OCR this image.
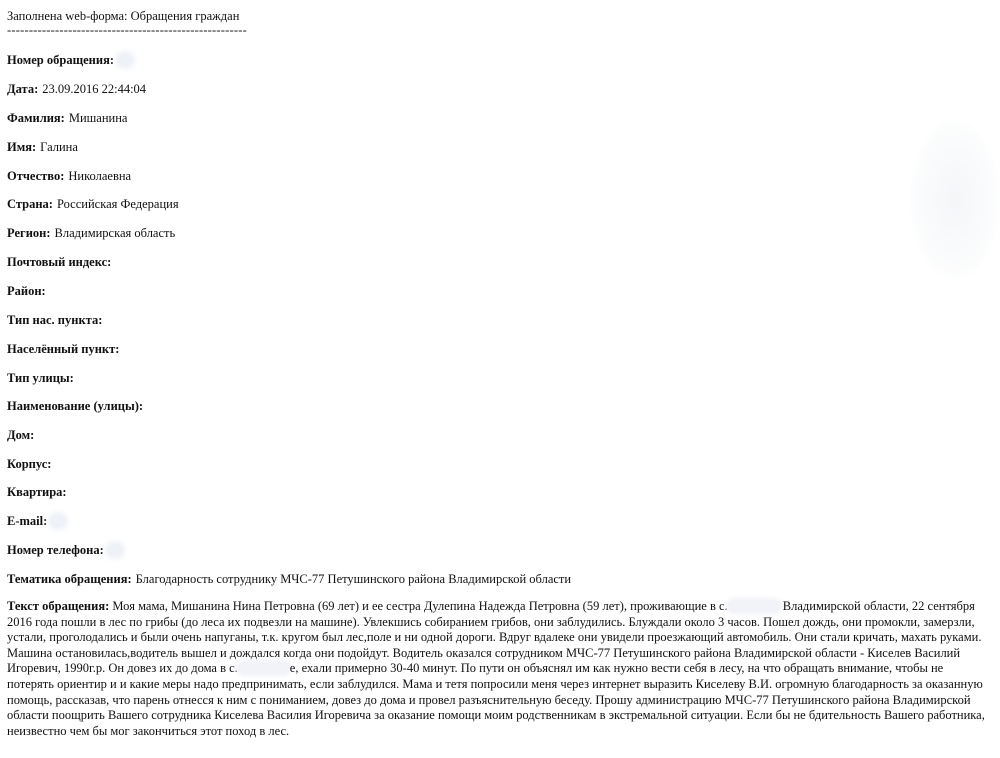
Заполнена web-форма: Обращения граждан
-------------------------------------------------------
Номер обращения:
Дата: 23.09.2016 22:44:04
Фамилия: Мишанина
Имя: Галина
Отчество: Николаевна
Страна: Российская Федерация
Регион: Владимирская область
Почтовый индекс:
Район:
Тип нас. пункта:
Населённый пункт:
Тип улицы:
Наименование (улицы):
Дом:
Корпус:
Квартира:
E-mail:
Номер телефона:
Тематика обращения: Благодарность сотруднику МЧС-77 Петушинского района Владимирской области
Текст обращения: Моя мама, Мишанина Нина Петровна (69 лет) и ее сестра Дулепина Надежда Петровна (59 лет), проживающие в с.	Владимирской области, 22 сентября 2016 года пошли в лес по грибы (до леса их подвезли на машине). Увлекшись собиранием грибов, они заблудились. Блуждали около 3 часов. Пошел дождь, они промокли, замерзли, устали, проголодались и были очень напуганы, т.к. кругом был лес,поле и ни одной дороги. Вдруг вдалеке они увидели проезжающий автомобиль. Они стали кричать, махать руками. Машина остановилась,водитель вышел и дождался когда они подойдут. Водитель оказался сотрудником МЧС-77 Петушинского района Владимирской области - Киселев Василий Игоревич, 1990г.р. Он довез их до дома в с.	е, ехали примерно 30-40 минут. По пути он объяснял им как нужно вести себя в лесу, на что обращать внимание, чтобы не потерять ориентир и и какие меры надо предпринимать, если заблудился. Мама и тетя попросили меня через интернет выразить Киселеву В.И. огромную благодарность за оказанную помощь, рассказав, что парень отнесся к ним с пониманием, довез до дома и провел разъяснительную беседу. Прошу администрацию МЧС-77 Петушинского района Владимирской области поощрить Вашего сотрудника Киселева Василия Игоревича за оказание помощи моим родственникам в экстремальной ситуации. Если бы не бдительность Вашего работника, неизвестно чем бы мог закончиться этот поход в лес.
